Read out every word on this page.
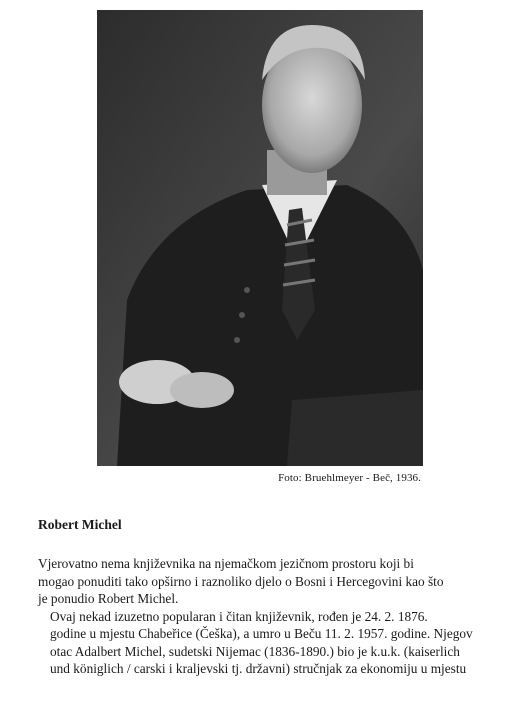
Foto: Bruehlmeyer - Beč, 1936.
Robert Michel

Vjerovatno nema književnika na njemačkom jezičnom prostoru koji bi
mogao ponuditi tako opširno i raznoliko djelo o Bosni i Hercegovini kao što
je ponudio Robert Michel.

Ovaj nekad izuzetno popularan i čitan književnik, rođen je 24. 2. 1876.
godine u mjestu Chabeřice (Češka), a umro u Beču 11. 2. 1957. godine. Njegov
otac Adalbert Michel, sudetski Nijemac (1836-1890.) bio je k.u.k. (kaiserlich
und königlich / carski i kraljevski tj. državni) stručnjak za ekonomiju u mjestu
